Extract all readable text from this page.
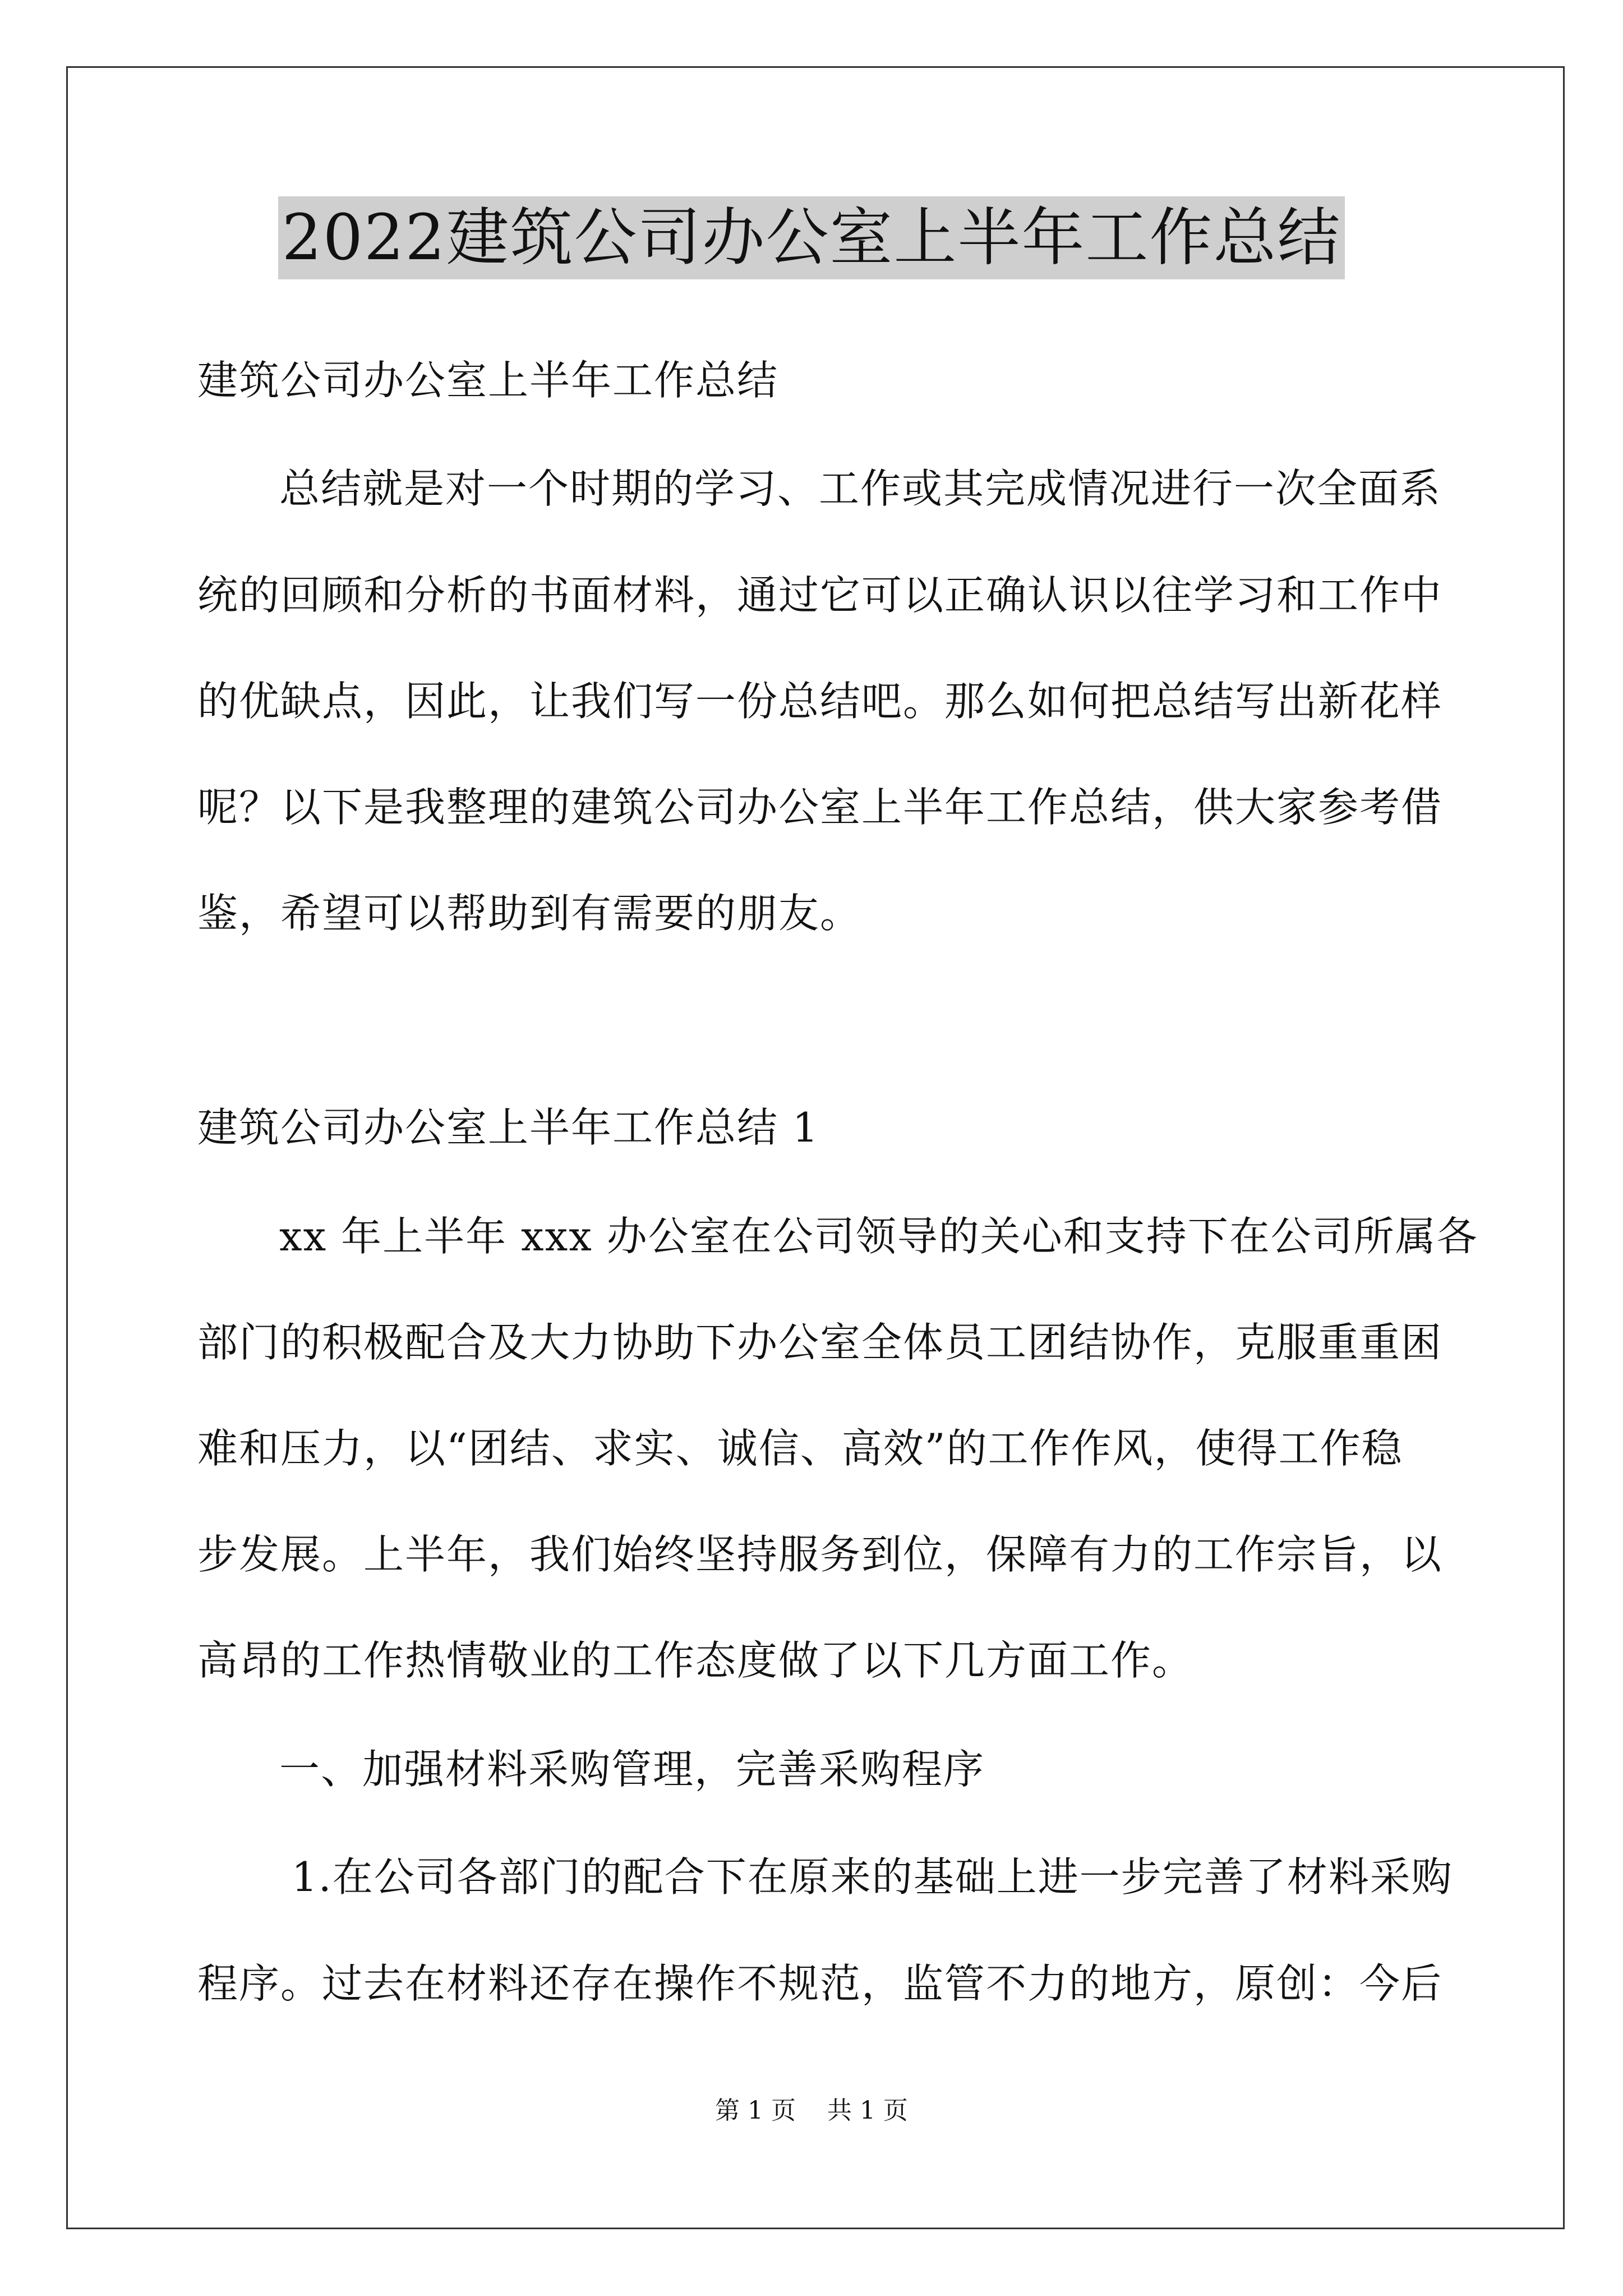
2022建筑公司办公室上半年工作总结
建筑公司办公室上半年工作总结
总结就是对一个时期的学习、工作或其完成情况进行一次全面系
统的回顾和分析的书面材料，通过它可以正确认识以往学习和工作中
的优缺点，因此，让我们写一份总结吧。那么如何把总结写出新花样
呢？以下是我整理的建筑公司办公室上半年工作总结，供大家参考借
鉴，希望可以帮助到有需要的朋友。
建筑公司办公室上半年工作总结 1
xx 年上半年 xxx 办公室在公司领导的关心和支持下在公司所属各
部门的积极配合及大力协助下办公室全体员工团结协作，克服重重困
难和压力，以“团结、求实、诚信、高效”的工作作风，使得工作稳
步发展。上半年，我们始终坚持服务到位，保障有力的工作宗旨，以
高昂的工作热情敬业的工作态度做了以下几方面工作。
一、加强材料采购管理，完善采购程序
1.在公司各部门的配合下在原来的基础上进一步完善了材料采购
程序。过去在材料还存在操作不规范，监管不力的地方，原创：今后
第 1 页    共 1 页
